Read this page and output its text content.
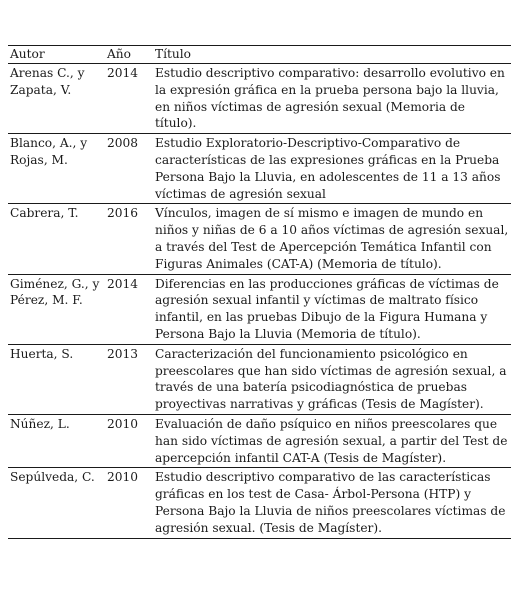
Autor	Año	Título
Arenas C., y Zapata, V.	2014	Estudio descriptivo comparativo: desarrollo evolutivo en la expresión gráfica en la prueba persona bajo la lluvia, en niños víctimas de agresión sexual (Memoria de título).
Blanco, A., y Rojas, M.	2008	Estudio Exploratorio-Descriptivo-Comparativo de características de las expresiones gráficas en la Prueba Persona Bajo la Lluvia, en adolescentes de 11 a 13 años víctimas de agresión sexual
Cabrera, T.	2016	Vínculos, imagen de sí mismo e imagen de mundo en niños y niñas de 6 a 10 años víctimas de agresión sexual, a través del Test de Apercepción Temática Infantil con Figuras Animales (CAT-A) (Memoria de título).
Giménez, G., y Pérez, M. F.	2014	Diferencias en las producciones gráficas de víctimas de agresión sexual infantil y víctimas de maltrato físico infantil, en las pruebas Dibujo de la Figura Humana y Persona Bajo la Lluvia (Memoria de título).
Huerta, S.	2013	Caracterización del funcionamiento psicológico en preescolares que han sido víctimas de agresión sexual, a través de una batería psicodiagnóstica de pruebas proyectivas narrativas y gráficas (Tesis de Magíster).
Núñez, L.	2010	Evaluación de daño psíquico en niños preescolares que han sido víctimas de agresión sexual, a partir del Test de apercepción infantil CAT-A (Tesis de Magíster).
Sepúlveda, C.	2010	Estudio descriptivo comparativo de las características gráficas en los test de Casa- Árbol-Persona (HTP) y Persona Bajo la Lluvia de niños preescolares víctimas de agresión sexual. (Tesis de Magíster).
